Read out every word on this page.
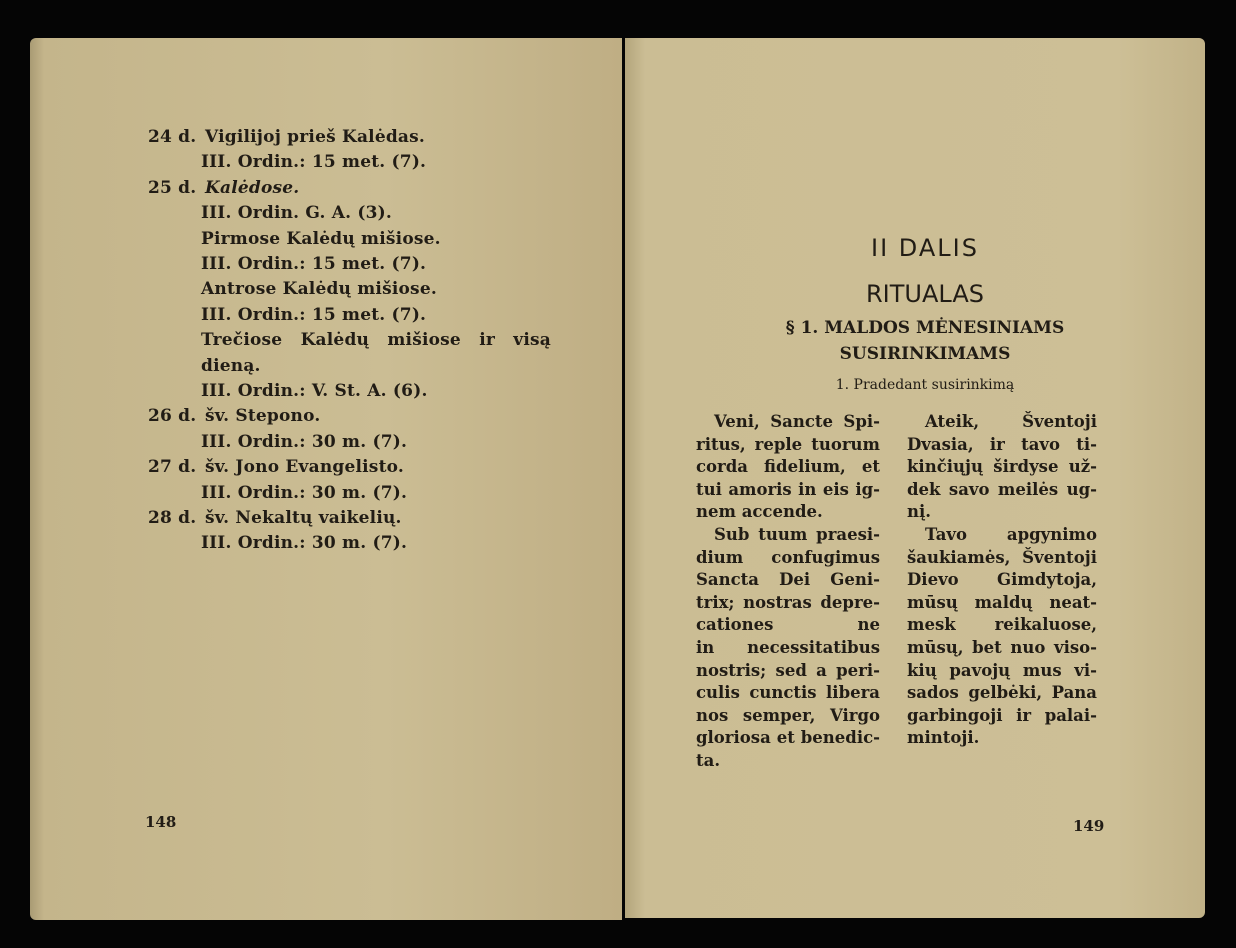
II DALIS
RITUALAS
§ 1. MALDOS MĖNESINIAMS
SUSIRINKIMAMS
1. Pradedant susirinkimą
Veni, Sancte Spi-
ritus, reple tuorum
corda fidelium, et
tui amoris in eis ig-
nem accende.
Sub tuum praesi-
dium confugimus
Sancta Dei Geni-
trix; nostras depre-
cationes ne
in necessitatibus
nostris; sed a peri-
culis cunctis libera
nos semper, Virgo
gloriosa et benedic-
ta.
Ateik, Šventoji
Dvasia, ir tavo ti-
kinčiųjų širdyse už-
dek savo meilės ug-
nį.
Tavo apgynimo
šaukiamės, Šventoji
Dievo Gimdytoja,
mūsų maldų neat-
mesk reikaluose,
mūsų, bet nuo viso-
kių pavojų mus vi-
sados gelbėki, Pana
garbingoji ir palai-
mintoji.
149
24 d. Vigilijoj prieš Kalėdas.
III. Ordin.: 15 met. (7).
25 d. Kalėdose.
III. Ordin. G. A. (3).
Pirmose Kalėdų mišiose.
III. Ordin.: 15 met. (7).
Antrose Kalėdų mišiose.
III. Ordin.: 15 met. (7).
Trečiose Kalėdų mišiose ir visą
dieną.
III. Ordin.: V. St. A. (6).
26 d. šv. Stepono.
III. Ordin.: 30 m. (7).
27 d. šv. Jono Evangelisto.
III. Ordin.: 30 m. (7).
28 d. šv. Nekaltų vaikelių.
III. Ordin.: 30 m. (7).
148
